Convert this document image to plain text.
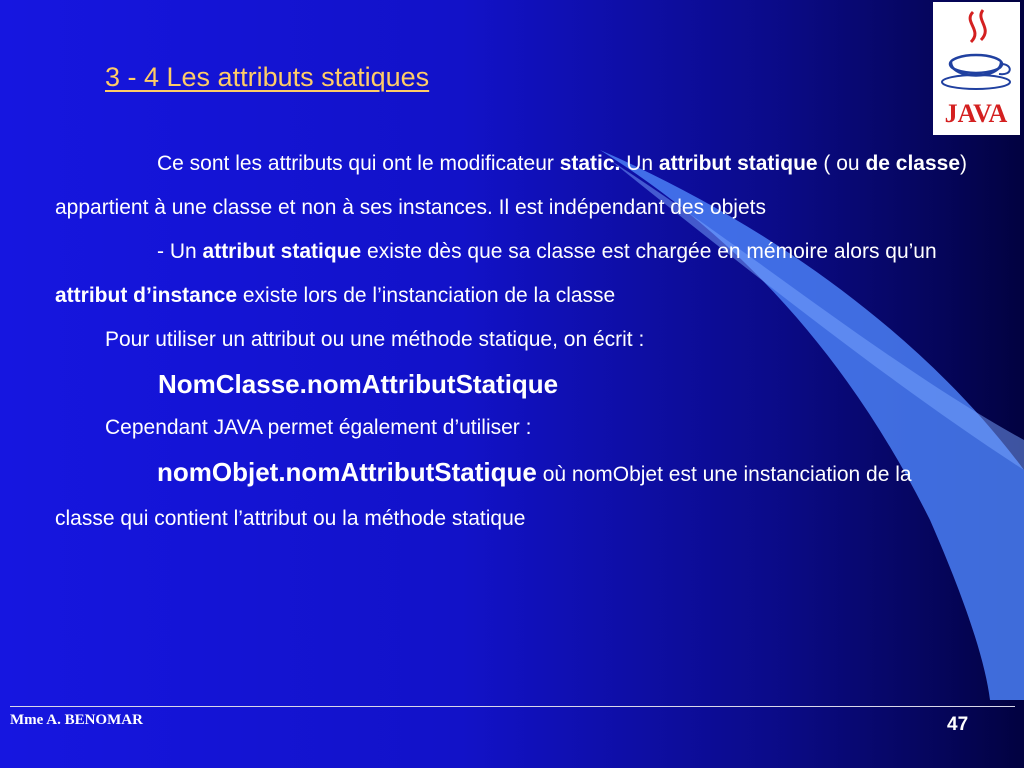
3 - 4 Les attributs statiques
JAVA

Ce sont les attributs qui ont le modificateur static. Un attribut statique ( ou de classe) appartient à une classe et non à ses instances. Il est indépendant des objets

- Un attribut statique existe dès que sa classe est chargée en mémoire alors qu’un attribut d’instance existe lors de l’instanciation de la classe

Pour utiliser un attribut ou une méthode statique, on écrit :

NomClasse.nomAttributStatique

Cependant JAVA permet également d’utiliser :

nomObjet.nomAttributStatique où nomObjet est une instanciation de la classe qui contient l’attribut ou la méthode statique

Mme A. BENOMAR	47
